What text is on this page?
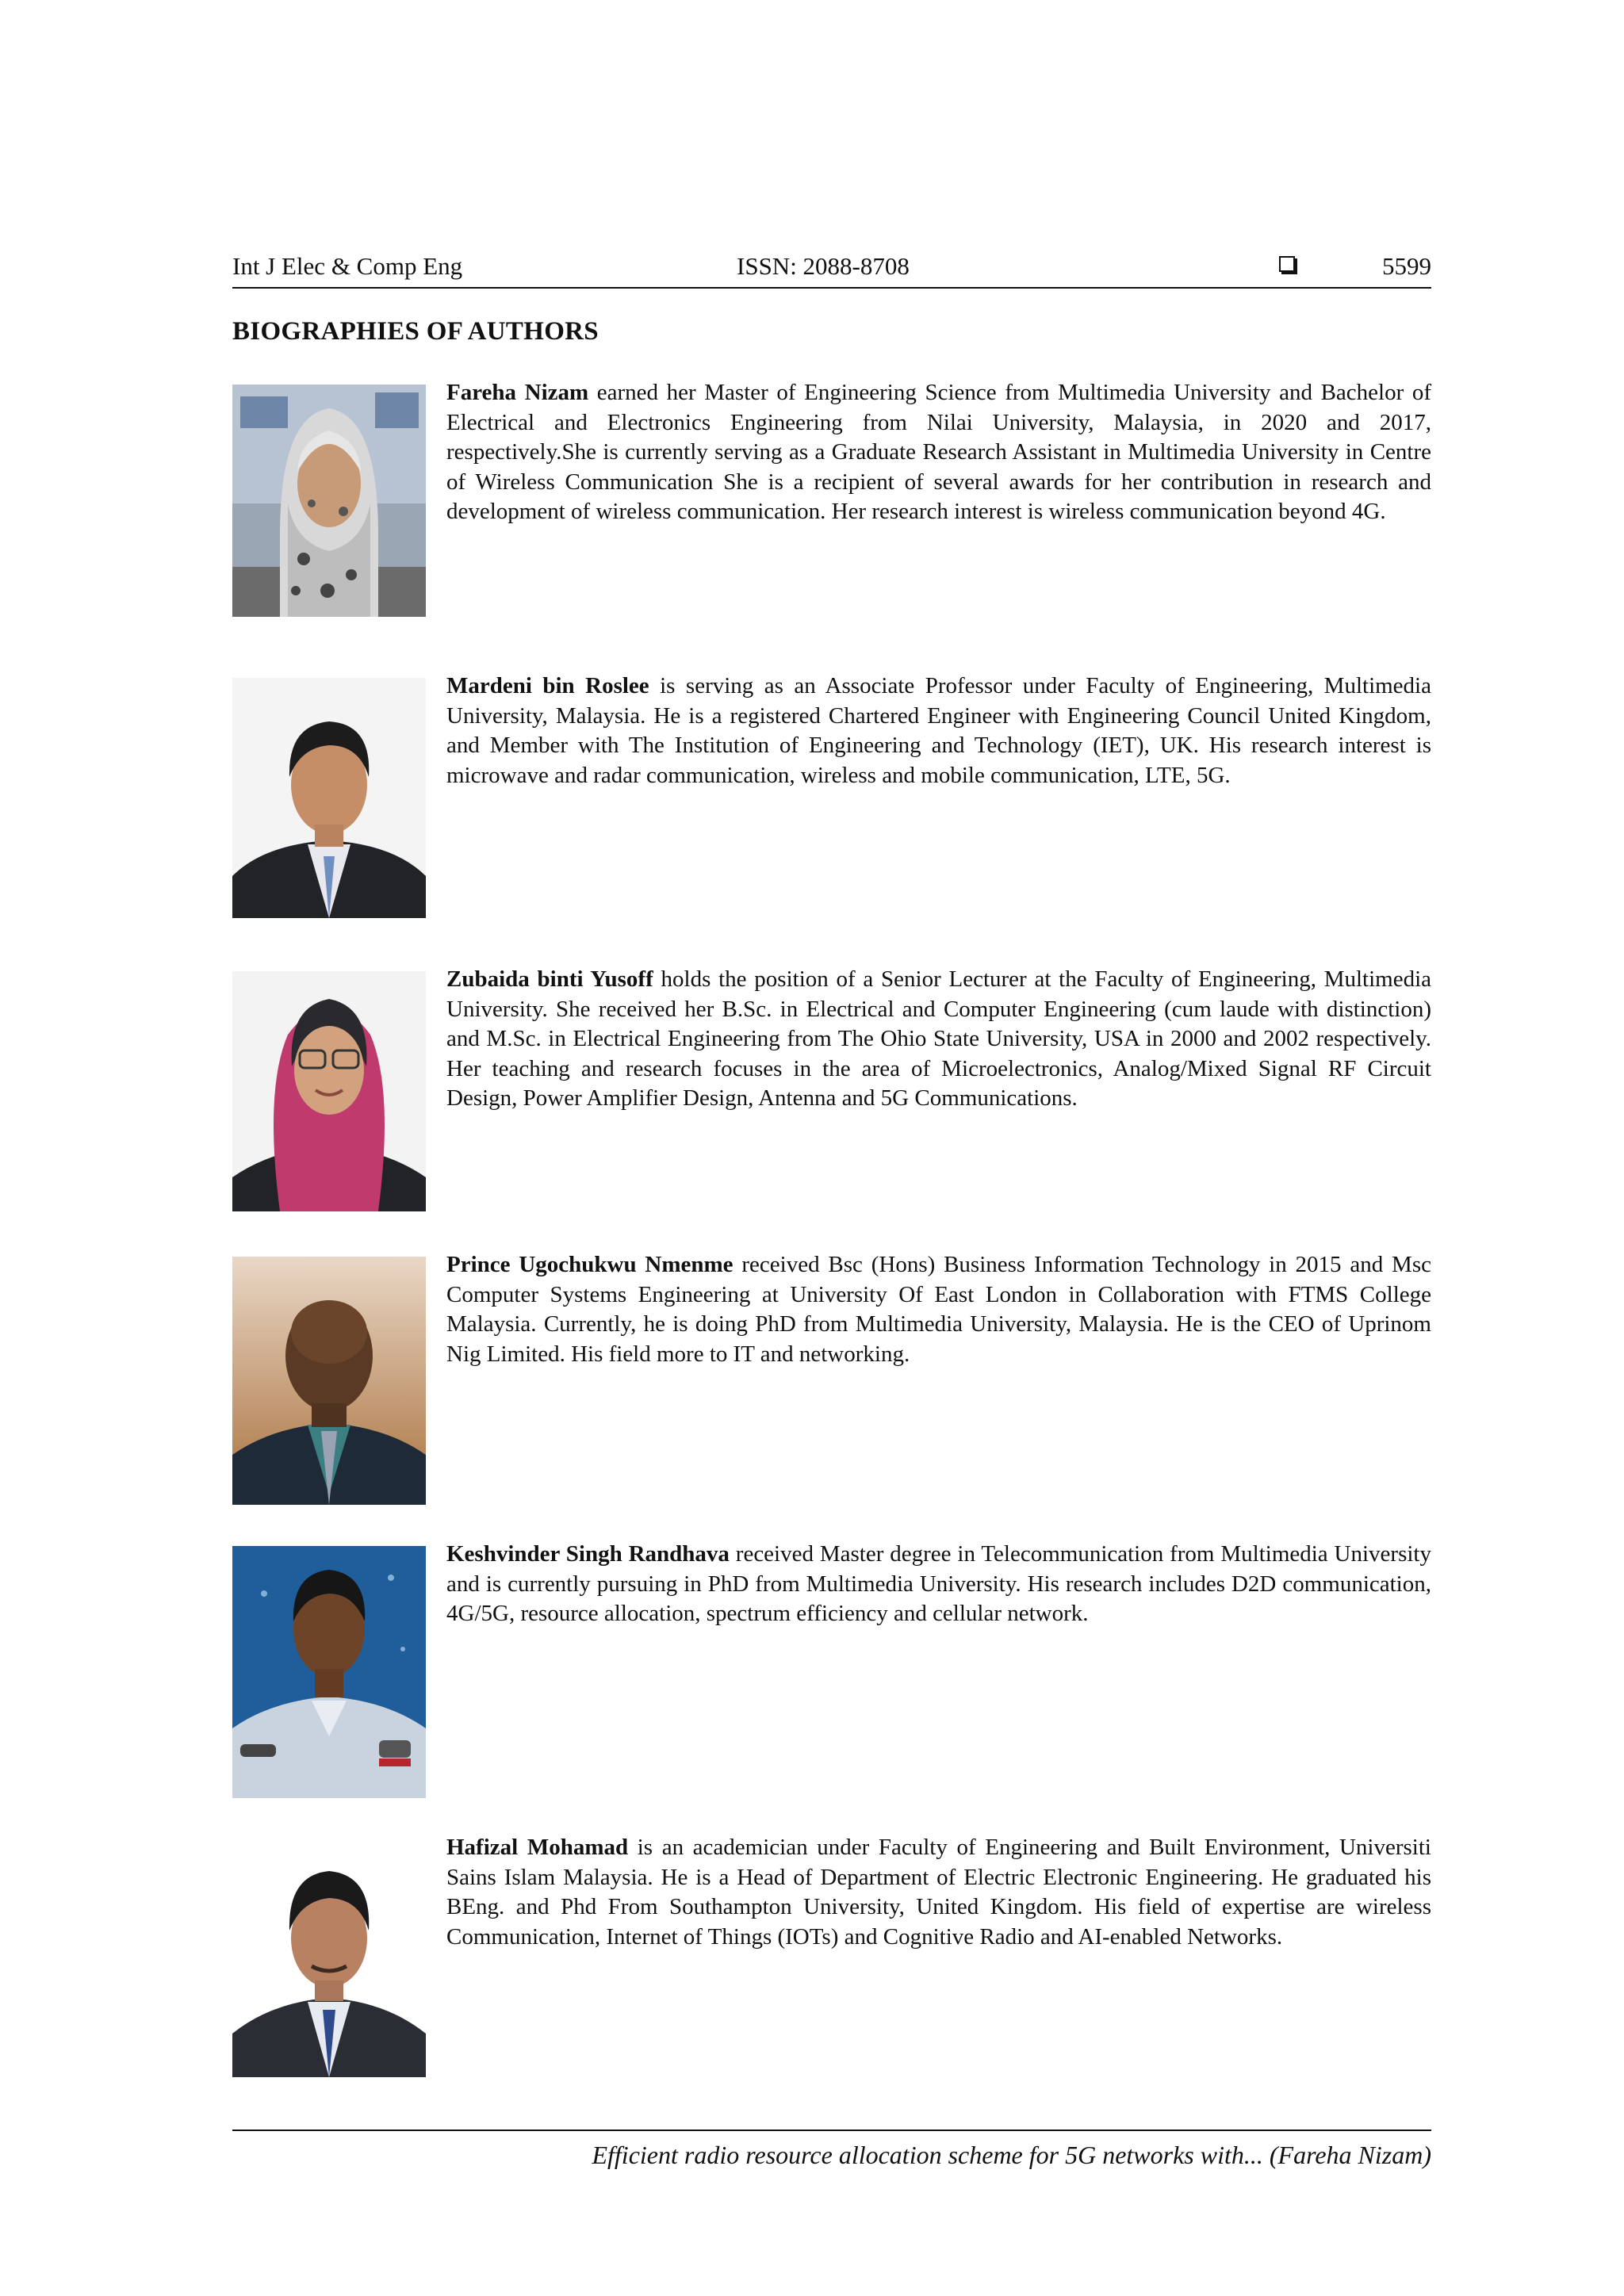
Int J Elec & Comp Eng	ISSN: 2088-8708	5599
BIOGRAPHIES OF AUTHORS
Fareha Nizam earned her Master of Engineering Science from Multimedia University and Bachelor of Electrical and Electronics Engineering from Nilai University, Malaysia, in 2020 and 2017, respectively.She is currently serving as a Graduate Research Assistant in Multimedia University in Centre of Wireless Communication She is a recipient of several awards for her contribution in research and development of wireless communication. Her research interest is wireless communication beyond 4G.
Mardeni bin Roslee is serving as an Associate Professor under Faculty of Engineering, Multimedia University, Malaysia. He is a registered Chartered Engineer with Engineering Council United Kingdom, and Member with The Institution of Engineering and Technology (IET), UK. His research interest is microwave and radar communication, wireless and mobile communication, LTE, 5G.
Zubaida binti Yusoff holds the position of a Senior Lecturer at the Faculty of Engineering, Multimedia University. She received her B.Sc. in Electrical and Computer Engineering (cum laude with distinction) and M.Sc. in Electrical Engineering from The Ohio State University, USA in 2000 and 2002 respectively. Her teaching and research focuses in the area of Microelectronics, Analog/Mixed Signal RF Circuit Design, Power Amplifier Design, Antenna and 5G Communications.
Prince Ugochukwu Nmenme received Bsc (Hons) Business Information Technology in 2015 and Msc Computer Systems Engineering at University Of East London in Collaboration with FTMS College Malaysia. Currently, he is doing PhD from Multimedia University, Malaysia. He is the CEO of Uprinom Nig Limited. His field more to IT and networking.
Keshvinder Singh Randhava received Master degree in Telecommunication from Multimedia University and is currently pursuing in PhD from Multimedia University. His research includes D2D communication, 4G/5G, resource allocation, spectrum efficiency and cellular network.
Hafizal Mohamad is an academician under Faculty of Engineering and Built Environment, Universiti Sains Islam Malaysia. He is a Head of Department of Electric Electronic Engineering. He graduated his BEng. and Phd From Southampton University, United Kingdom. His field of expertise are wireless Communication, Internet of Things (IOTs) and Cognitive Radio and AI-enabled Networks.
Efficient radio resource allocation scheme for 5G networks with... (Fareha Nizam)
